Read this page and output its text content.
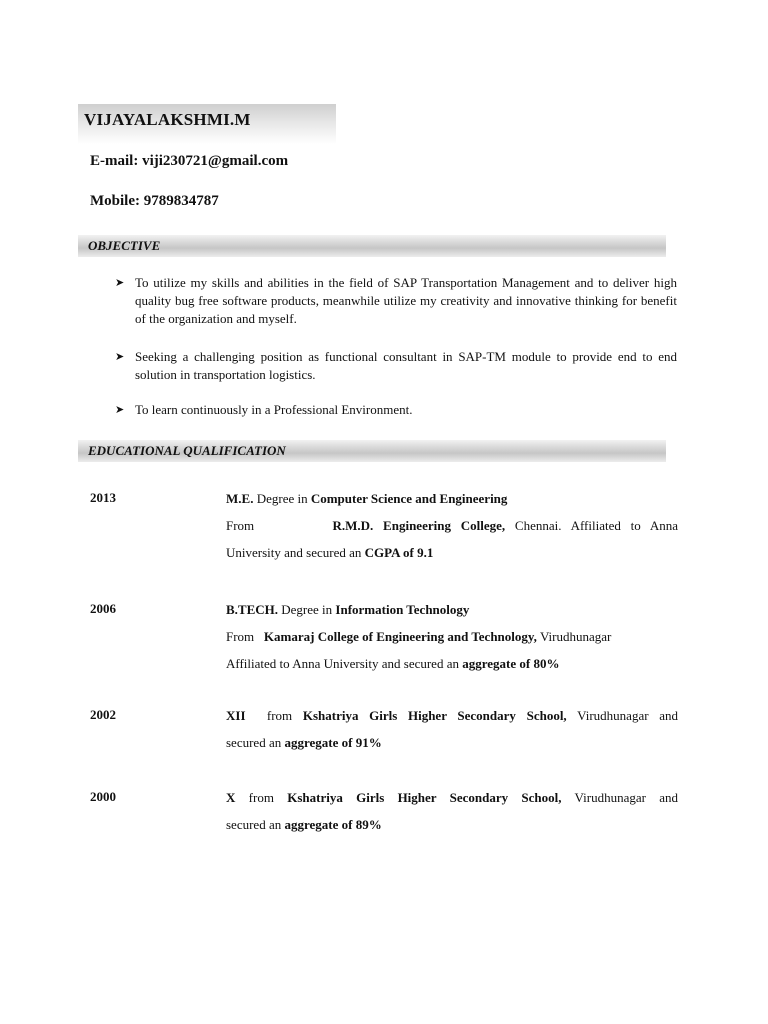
VIJAYALAKSHMI.M
E-mail: viji230721@gmail.com
Mobile: 9789834787
OBJECTIVE
➤ To utilize my skills and abilities in the field of SAP Transportation Management and to deliver high quality bug free software products, meanwhile utilize my creativity and innovative thinking for benefit of the organization and myself.
➤ Seeking a challenging position as functional consultant in SAP-TM module to provide end to end solution in transportation logistics.
➤ To learn continuously in a Professional Environment.
EDUCATIONAL QUALIFICATION
2013	M.E. Degree in Computer Science and Engineering
From	R.M.D. Engineering College, Chennai. Affiliated to Anna
University and secured an CGPA of 9.1
2006	B.TECH. Degree in Information Technology
From Kamaraj College of Engineering and Technology, Virudhunagar
Affiliated to Anna University and secured an aggregate of 80%
2002	XII  from Kshatriya Girls Higher Secondary School, Virudhunagar and
secured an aggregate of 91%
2000	X from Kshatriya Girls Higher Secondary School, Virudhunagar and
secured an aggregate of 89%
